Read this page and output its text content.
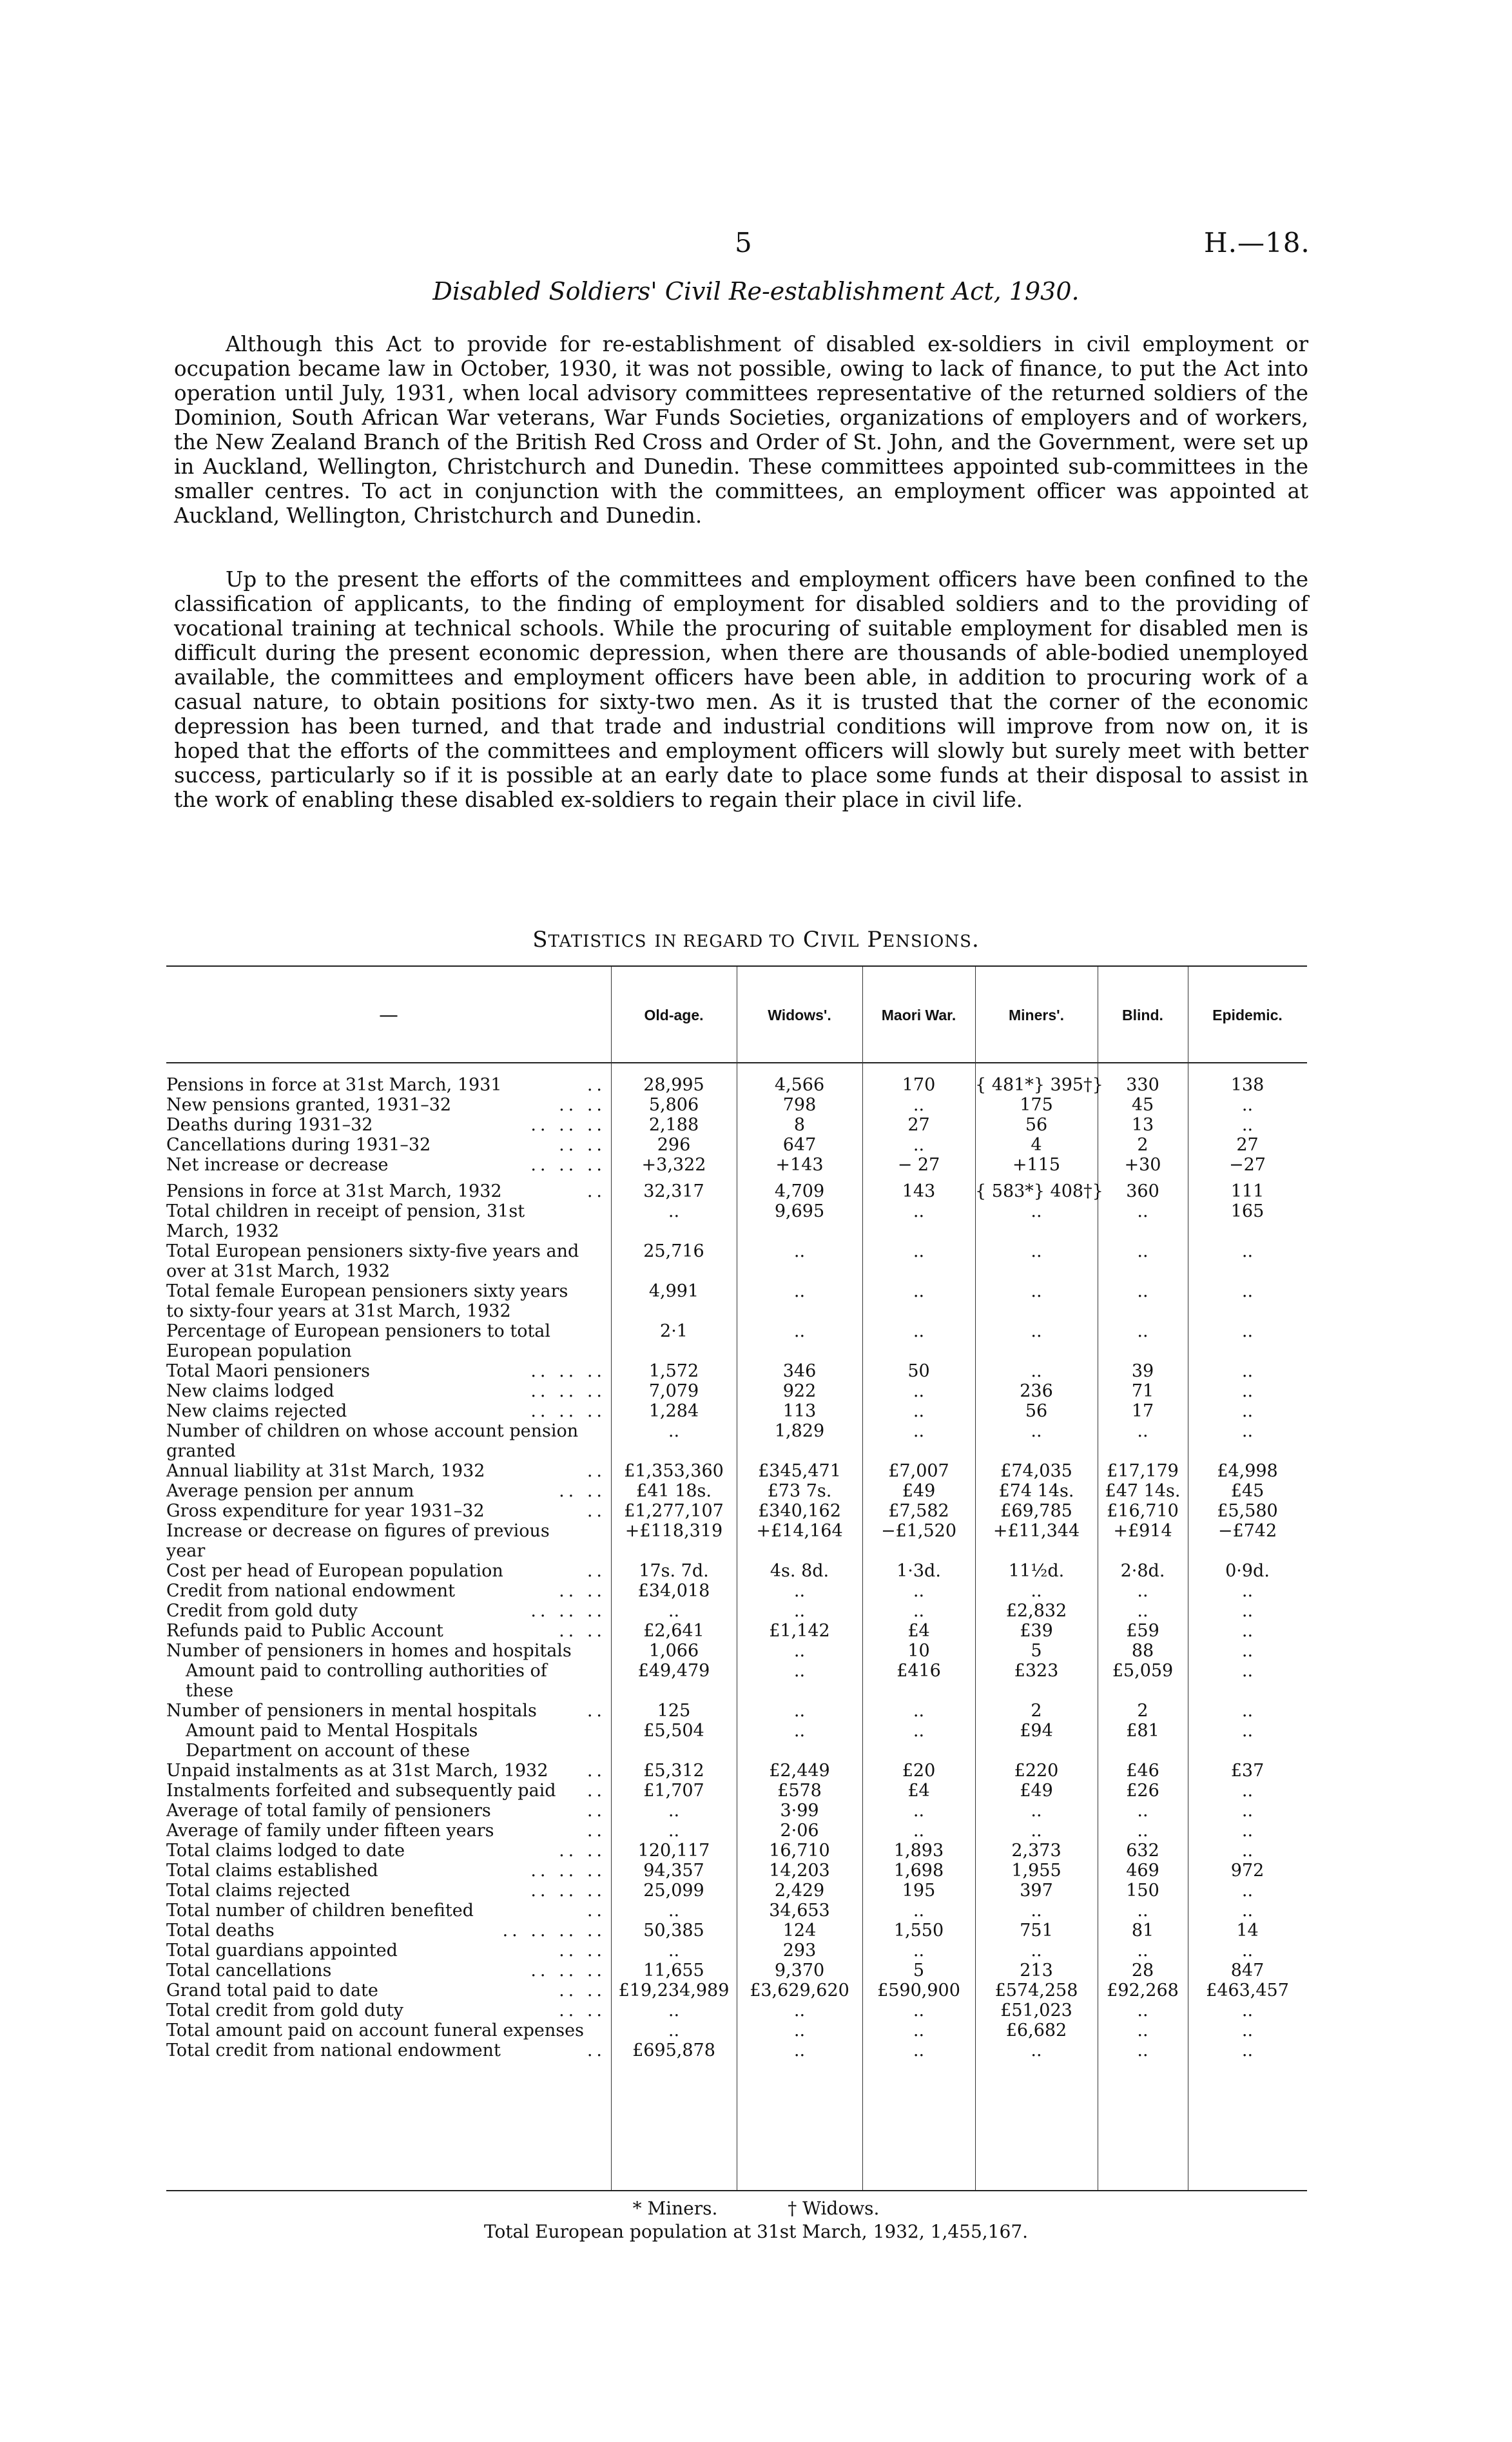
5	H.—18.
Disabled Soldiers' Civil Re-establishment Act, 1930.

Although this Act to provide for re-establishment of disabled ex-soldiers in civil employment or occupation became law in October, 1930, it was not possible, owing to lack of finance, to put the Act into operation until July, 1931, when local advisory committees representative of the returned soldiers of the Dominion, South African War veterans, War Funds Societies, organizations of employers and of workers, the New Zealand Branch of the British Red Cross and Order of St. John, and the Government, were set up in Auckland, Wellington, Christchurch and Dunedin. These committees appointed sub-committees in the smaller centres. To act in conjunction with the committees, an employment officer was appointed at Auckland, Wellington, Christchurch and Dunedin.

Up to the present the efforts of the committees and employment officers have been confined to the classification of applicants, to the finding of employment for disabled soldiers and to the providing of vocational training at technical schools. While the procuring of suitable employment for disabled men is difficult during the present economic depression, when there are thousands of able-bodied unemployed available, the committees and employment officers have been able, in addition to procuring work of a casual nature, to obtain positions for sixty-two men. As it is trusted that the corner of the economic depression has been turned, and that trade and industrial conditions will improve from now on, it is hoped that the efforts of the committees and employment officers will slowly but surely meet with better success, particularly so if it is possible at an early date to place some funds at their disposal to assist in the work of enabling these disabled ex-soldiers to regain their place in civil life.

STATISTICS IN REGARD TO CIVIL PENSIONS.
—	Old-age.	Widows'.	Maori War.	Miners'.	Blind.	Epidemic.
Pensions in force at 31st March, 1931	..	28,995	4,566	170	{ 481*} 395†}	330	138
New pensions granted, 1931–32	.. ..	5,806	798	..	175	45	..
Deaths during 1931–32	.. .. ..	2,188	8	27	56	13	..
Cancellations during 1931–32	.. ..	296	647	..	4	2	27
Net increase or decrease	.. .. ..	+3,322	+143	− 27	+115	+30	−27
Pensions in force at 31st March, 1932	..	32,317	4,709	143	{ 583*} 408†}	360	111
Total children in receipt of pension, 31st March, 1932
..	9,695	..	..	..	165
Total European pensioners sixty-five years and over at 31st March, 1932
25,716	..	..	..	..	..
Total female European pensioners sixty years to sixty-four years at 31st March, 1932
4,991	..	..	..	..	..
Percentage of European pensioners to total European population
2·1	..	..	..	..	..
Total Maori pensioners	.. .. ..	1,572	346	50	..	39	..
New claims lodged	.. .. ..	7,079	922	..	236	71	..
New claims rejected	.. .. ..	1,284	113	..	56	17	..
Number of children on whose account pension granted
..	1,829	..	..	..	..
Annual liability at 31st March, 1932	..	£1,353,360	£345,471	£7,007	£74,035	£17,179	£4,998
Average pension per annum	.. ..	£41 18s.	£73 7s.	£49	£74 14s.	£47 14s.	£45
Gross expenditure for year 1931–32	..	£1,277,107	£340,162	£7,582	£69,785	£16,710	£5,580
Increase or decrease on figures of previous year
+£118,319	+£14,164	−£1,520	+£11,344	+£914	−£742
Cost per head of European population	..	17s. 7d.	4s. 8d.	1·3d.	11½d.	2·8d.	0·9d.
Credit from national endowment	.. ..	£34,018	..	..	..	..	..
Credit from gold duty	.. .. ..	..	..	..	£2,832	..	..
Refunds paid to Public Account	.. ..	£2,641	£1,142	£4	£39	£59	..
Number of pensioners in homes and hospitals	1,066	..	10	5	88	..
Amount paid to controlling authorities of these
£49,479	..	£416	£323	£5,059	..
Number of pensioners in mental hospitals	..	125	..	..	2	2	..
Amount paid to Mental Hospitals Department on account of these
£5,504	..	..	£94	£81	..
Unpaid instalments as at 31st March, 1932 ..	£5,312	£2,449	£20	£220	£46	£37
Instalments forfeited and subsequently paid ..	£1,707	£578	£4	£49	£26	..
Average of total family of pensioners	..	..	3·99	..	..	..	..
Average of family under fifteen years	..	..	2·06	..	..	..	..
Total claims lodged to date	.. ..	120,117	16,710	1,893	2,373	632	..
Total claims established	.. .. ..	94,357	14,203	1,698	1,955	469	972
Total claims rejected	.. .. ..	25,099	2,429	195	397	150	..
Total number of children benefited	..	..	34,653	..	..	..	..
Total deaths	.. .. .. ..	50,385	124	1,550	751	81	14
Total guardians appointed	.. ..	..	293	..	..	..	..
Total cancellations	.. .. ..	11,655	9,370	5	213	28	847
Grand total paid to date	.. .. £19,234,989	£3,629,620	£590,900	£574,258	£92,268	£463,457
Total credit from gold duty	.. ..	..	..	..	£51,023	..	..
Total amount paid on account funeral expenses	..	..	..	£6,682	..	..
Total credit from national endowment	..	£695,878	..	..	..	..	..
* Miners.	† Widows.
Total European population at 31st March, 1932, 1,455,167.
